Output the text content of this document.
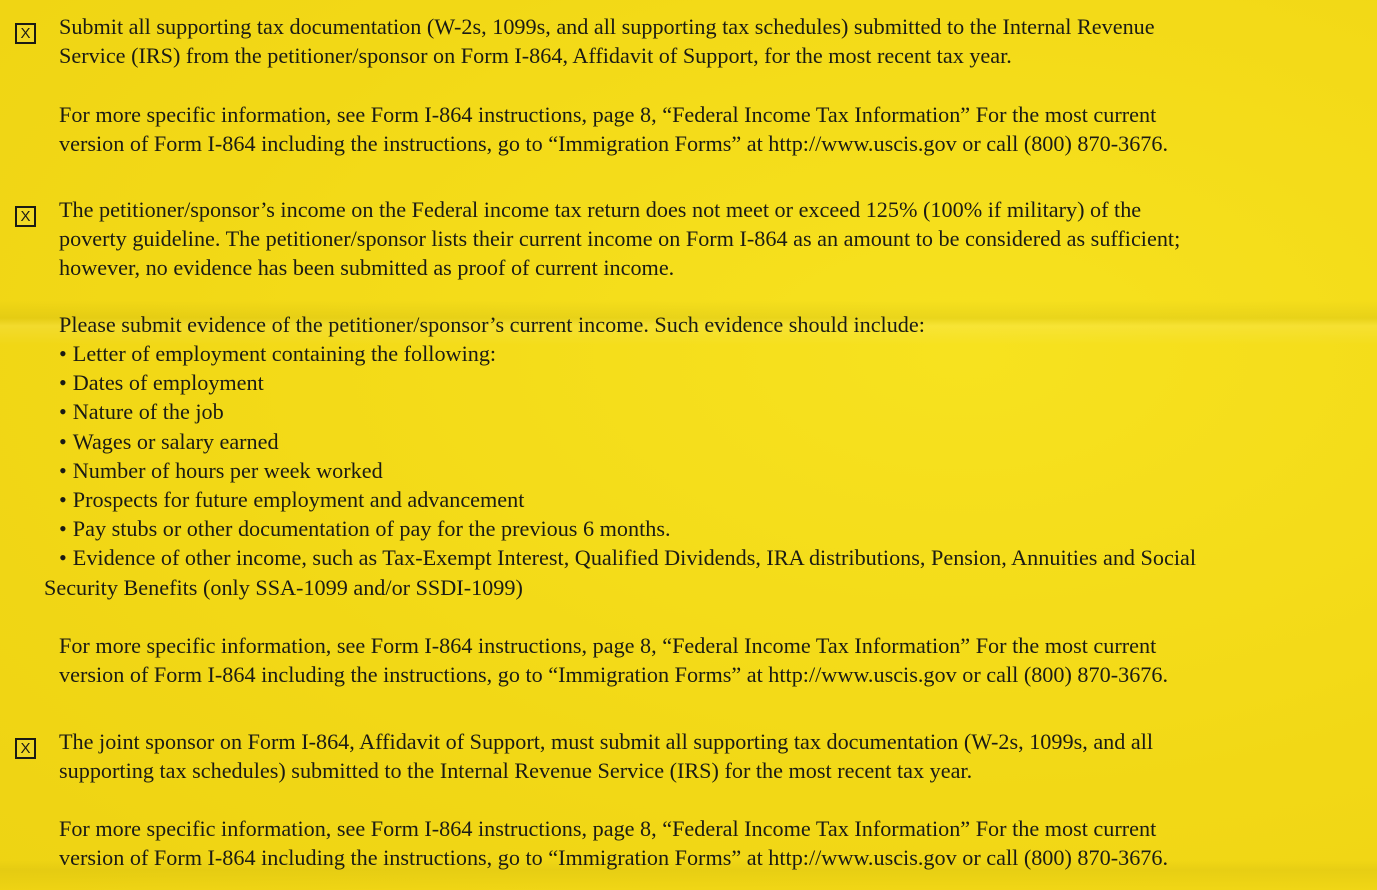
X Submit all supporting tax documentation (W-2s, 1099s, and all supporting tax schedules) submitted to the Internal Revenue
Service (IRS) from the petitioner/sponsor on Form I-864, Affidavit of Support, for the most recent tax year.

For more specific information, see Form I-864 instructions, page 8, “Federal Income Tax Information” For the most current
version of Form I-864 including the instructions, go to “Immigration Forms” at http://www.uscis.gov or call (800) 870-3676.

X The petitioner/sponsor’s income on the Federal income tax return does not meet or exceed 125% (100% if military) of the
poverty guideline. The petitioner/sponsor lists their current income on Form I-864 as an amount to be considered as sufficient;
however, no evidence has been submitted as proof of current income.

Please submit evidence of the petitioner/sponsor’s current income. Such evidence should include:

• Letter of employment containing the following:
• Dates of employment
• Nature of the job
• Wages or salary earned
• Number of hours per week worked
• Prospects for future employment and advancement
• Pay stubs or other documentation of pay for the previous 6 months.
• Evidence of other income, such as Tax-Exempt Interest, Qualified Dividends, IRA distributions, Pension, Annuities and Social
Security Benefits (only SSA-1099 and/or SSDI-1099)

For more specific information, see Form I-864 instructions, page 8, “Federal Income Tax Information” For the most current
version of Form I-864 including the instructions, go to “Immigration Forms” at http://www.uscis.gov or call (800) 870-3676.

X The joint sponsor on Form I-864, Affidavit of Support, must submit all supporting tax documentation (W-2s, 1099s, and all
supporting tax schedules) submitted to the Internal Revenue Service (IRS) for the most recent tax year.

For more specific information, see Form I-864 instructions, page 8, “Federal Income Tax Information” For the most current
version of Form I-864 including the instructions, go to “Immigration Forms” at http://www.uscis.gov or call (800) 870-3676.
